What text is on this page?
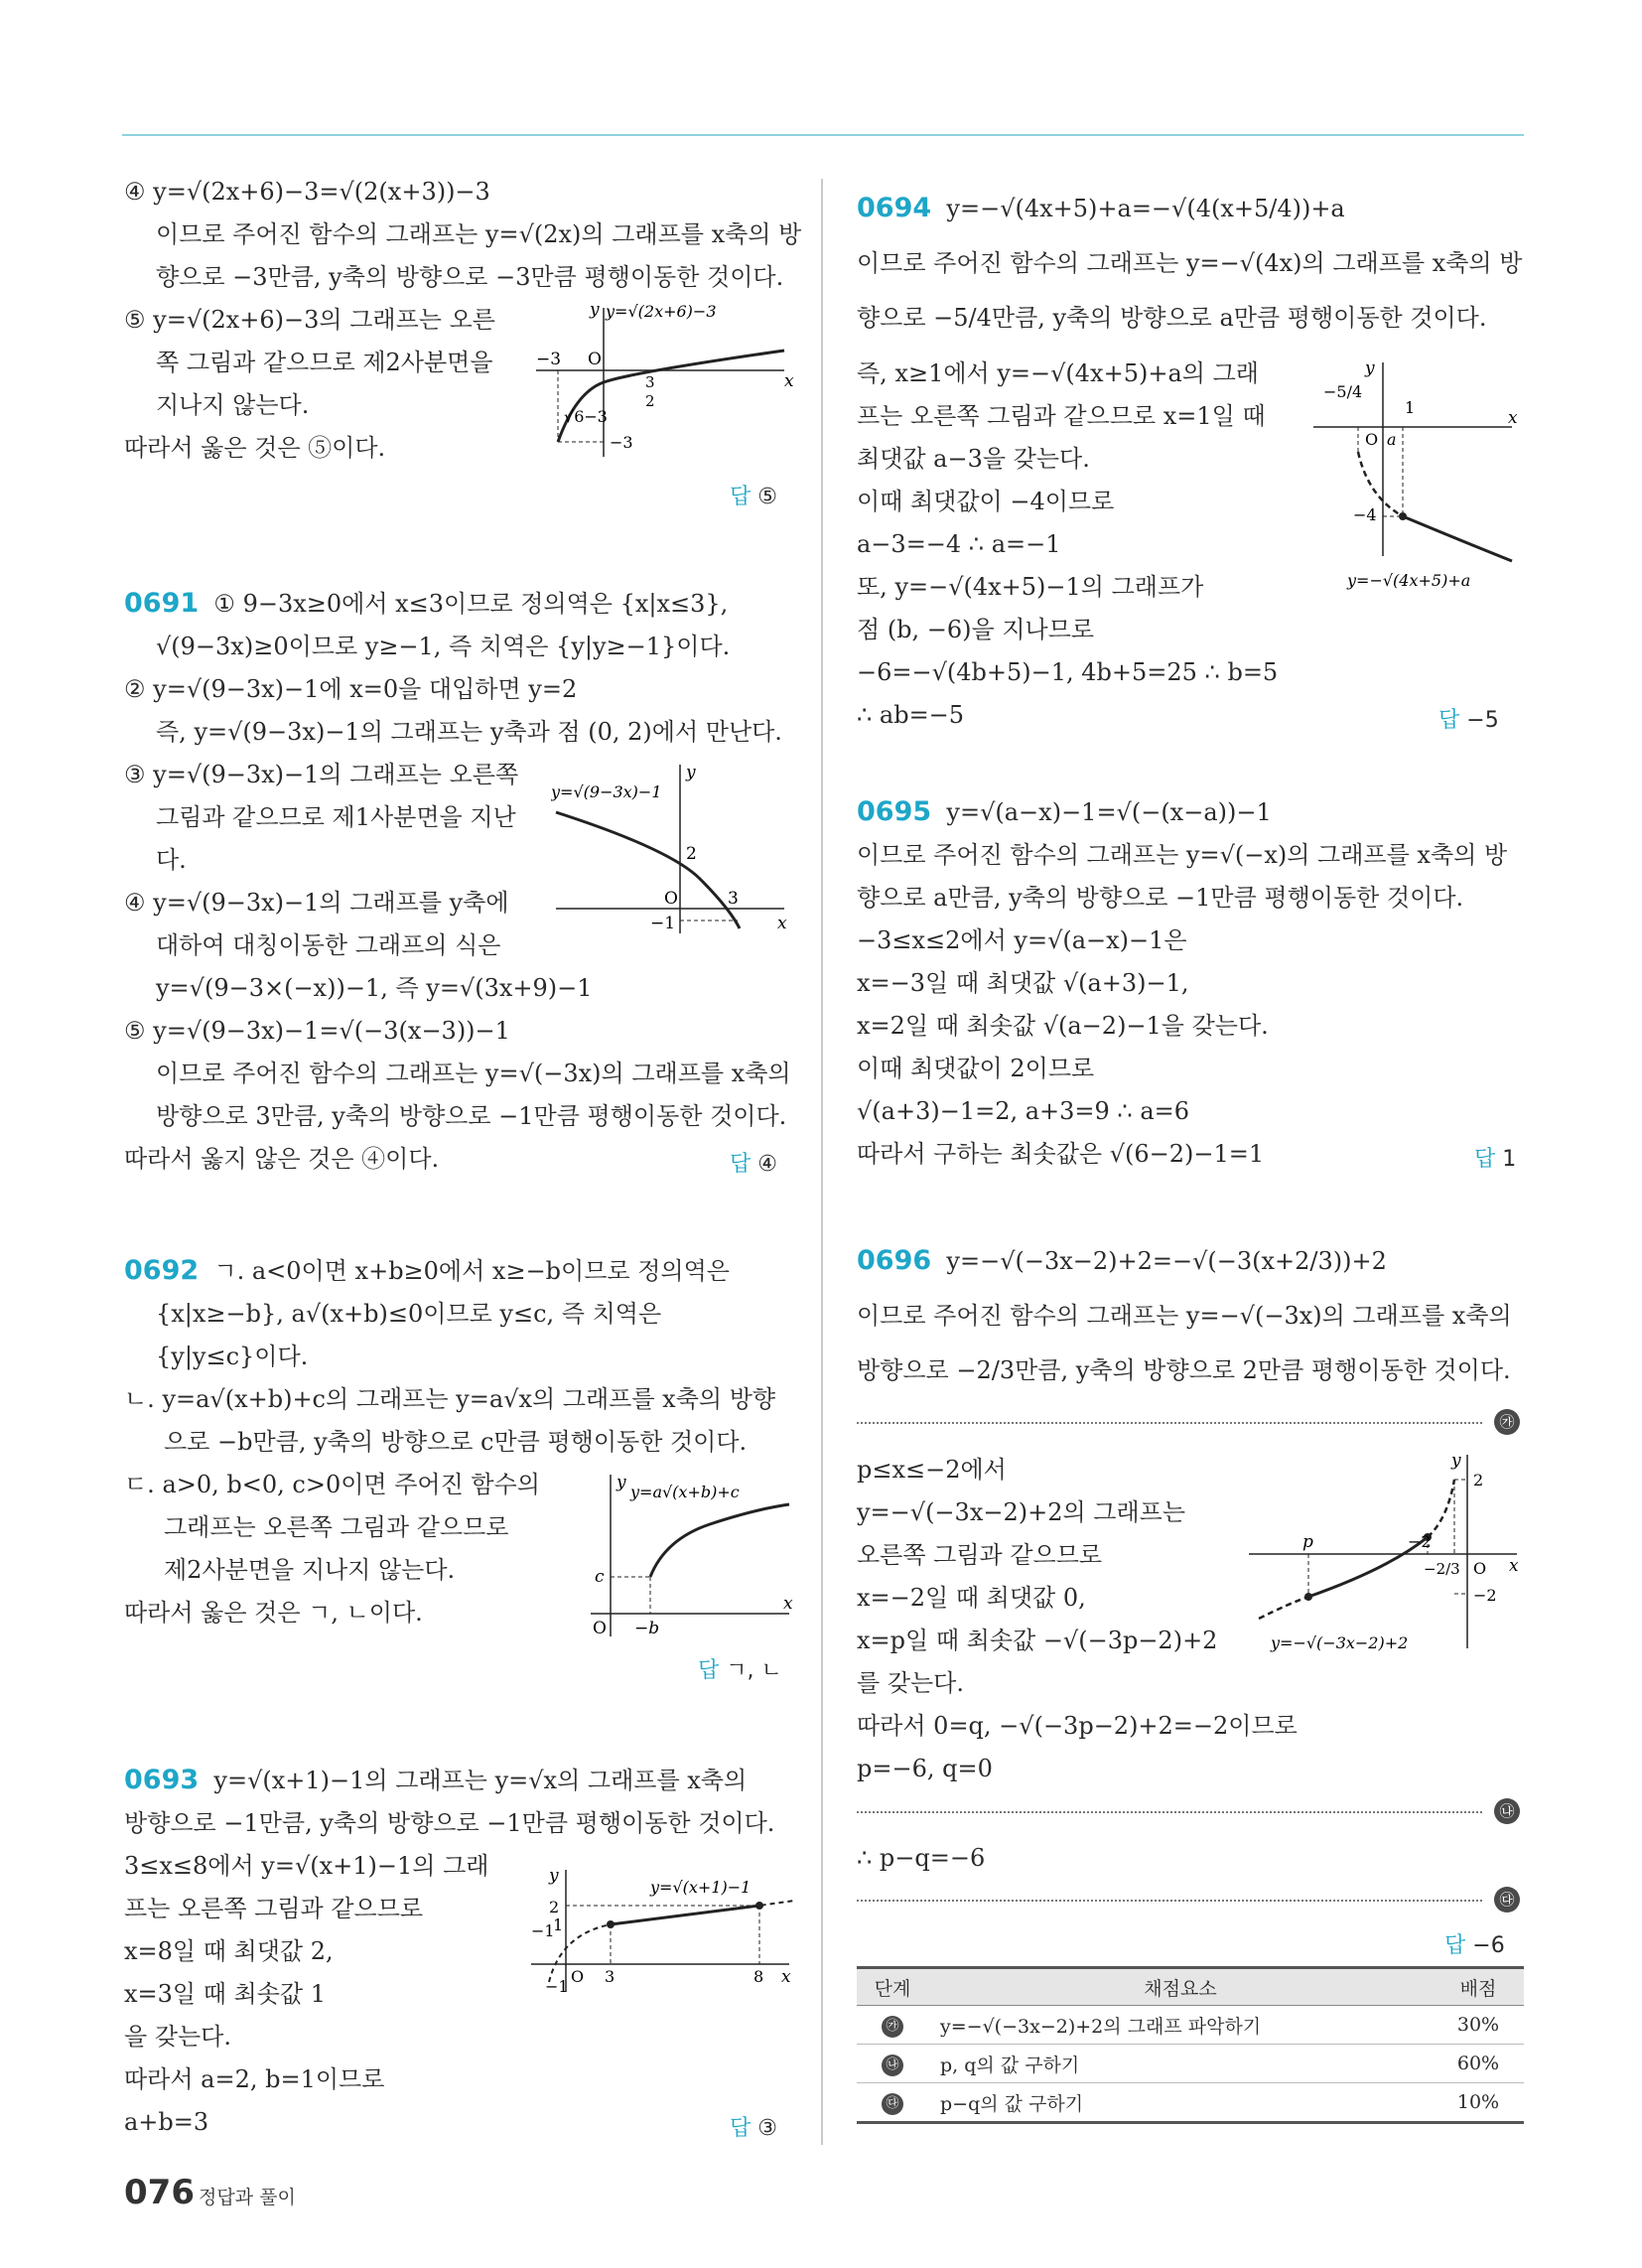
④ y=√(2x+6)−3=√(2(x+3))−3
이므로 주어진 함수의 그래프는 y=√(2x)의 그래프를 x축의 방
향으로 −3만큼, y축의 방향으로 −3만큼 평행이동한 것이다.
⑤ y=√(2x+6)−3의 그래프는 오른
쪽 그림과 같으므로 제2사분면을
지나지 않는다.
따라서 옳은 것은 ⑤이다.
y=√(2x+6)−3
−3 O
3
2
√6−3
−3
x
y
답 ⑤
0691 ① 9−3x≥0에서 x≤3이므로 정의역은 {x|x≤3},
√(9−3x)≥0이므로 y≥−1, 즉 치역은 {y|y≥−1}이다.
② y=√(9−3x)−1에 x=0을 대입하면 y=2
즉, y=√(9−3x)−1의 그래프는 y축과 점 (0, 2)에서 만난다.
③ y=√(9−3x)−1의 그래프는 오른쪽
그림과 같으므로 제1사분면을 지난
다.
④ y=√(9−3x)−1의 그래프를 y축에
대하여 대칭이동한 그래프의 식은
y=√(9−3×(−x))−1, 즉 y=√(3x+9)−1
⑤ y=√(9−3x)−1=√(−3(x−3))−1
이므로 주어진 함수의 그래프는 y=√(−3x)의 그래프를 x축의
방향으로 3만큼, y축의 방향으로 −1만큼 평행이동한 것이다.
따라서 옳지 않은 것은 ④이다.
y=√(9−3x)−1
2
O	3
−1	x
y
답 ④
0692 ㄱ. a<0이면 x+b≥0에서 x≥−b이므로 정의역은
{x|x≥−b}, a√(x+b)≤0이므로 y≤c, 즉 치역은
{y|y≤c}이다.
ㄴ. y=a√(x+b)+c의 그래프는 y=a√x의 그래프를 x축의 방향
으로 −b만큼, y축의 방향으로 c만큼 평행이동한 것이다.
ㄷ. a>0, b<0, c>0이면 주어진 함수의
그래프는 오른쪽 그림과 같으므로
제2사분면을 지나지 않는다.
따라서 옳은 것은 ㄱ, ㄴ이다.
y=a√(x+b)+c
c
O −b
x
y
답 ㄱ, ㄴ
0693 y=√(x+1)−1의 그래프는 y=√x의 그래프를 x축의
방향으로 −1만큼, y축의 방향으로 −1만큼 평행이동한 것이다.
3≤x≤8에서 y=√(x+1)−1의 그래
프는 오른쪽 그림과 같으므로
x=8일 때 최댓값 2,
x=3일 때 최솟값 1
을 갖는다.
따라서 a=2, b=1이므로
a+b=3
y=√(x+1)−1
2
1
−1
O 3	8
−1	x
y
답 ③
0694 y=−√(4x+5)+a=−√(4(x+5/4))+a
이므로 주어진 함수의 그래프는 y=−√(4x)의 그래프를 x축의 방
향으로 −5/4만큼, y축의 방향으로 a만큼 평행이동한 것이다.
즉, x≥1에서 y=−√(4x+5)+a의 그래
프는 오른쪽 그림과 같으므로 x=1일 때
최댓값 a−3을 갖는다.
이때 최댓값이 −4이므로
a−3=−4 ∴ a=−1
또, y=−√(4x+5)−1의 그래프가
점 (b, −6)을 지나므로
−6=−√(4b+5)−1, 4b+5=25 ∴ b=5
∴ ab=−5
y=−√(4x+5)+a
−5/4
1
O a
−4
x
y
답 −5
0695 y=√(a−x)−1=√(−(x−a))−1
이므로 주어진 함수의 그래프는 y=√(−x)의 그래프를 x축의 방
향으로 a만큼, y축의 방향으로 −1만큼 평행이동한 것이다.
−3≤x≤2에서 y=√(a−x)−1은
x=−3일 때 최댓값 √(a+3)−1,
x=2일 때 최솟값 √(a−2)−1을 갖는다.
이때 최댓값이 2이므로
√(a+3)−1=2, a+3=9 ∴ a=6
따라서 구하는 최솟값은 √(6−2)−1=1	답 1
0696 y=−√(−3x−2)+2=−√(−3(x+2/3))+2
이므로 주어진 함수의 그래프는 y=−√(−3x)의 그래프를 x축의
방향으로 −2/3만큼, y축의 방향으로 2만큼 평행이동한 것이다.
㉮
p≤x≤−2에서
y=−√(−3x−2)+2의 그래프는
오른쪽 그림과 같으므로
x=−2일 때 최댓값 0,
x=p일 때 최솟값 −√(−3p−2)+2
를 갖는다.
따라서 0=q, −√(−3p−2)+2=−2이므로
p=−6, q=0
y=−√(−3x−2)+2
p	−2
2
−2/3 O
−2
x
y
㉯
∴ p−q=−6
㉰
답 −6
단계	채점요소	배점
㉮	y=−√(−3x−2)+2의 그래프 파악하기	30%
㉯	p, q의 값 구하기	60%
㉰	p−q의 값 구하기	10%
076 정답과 풀이
